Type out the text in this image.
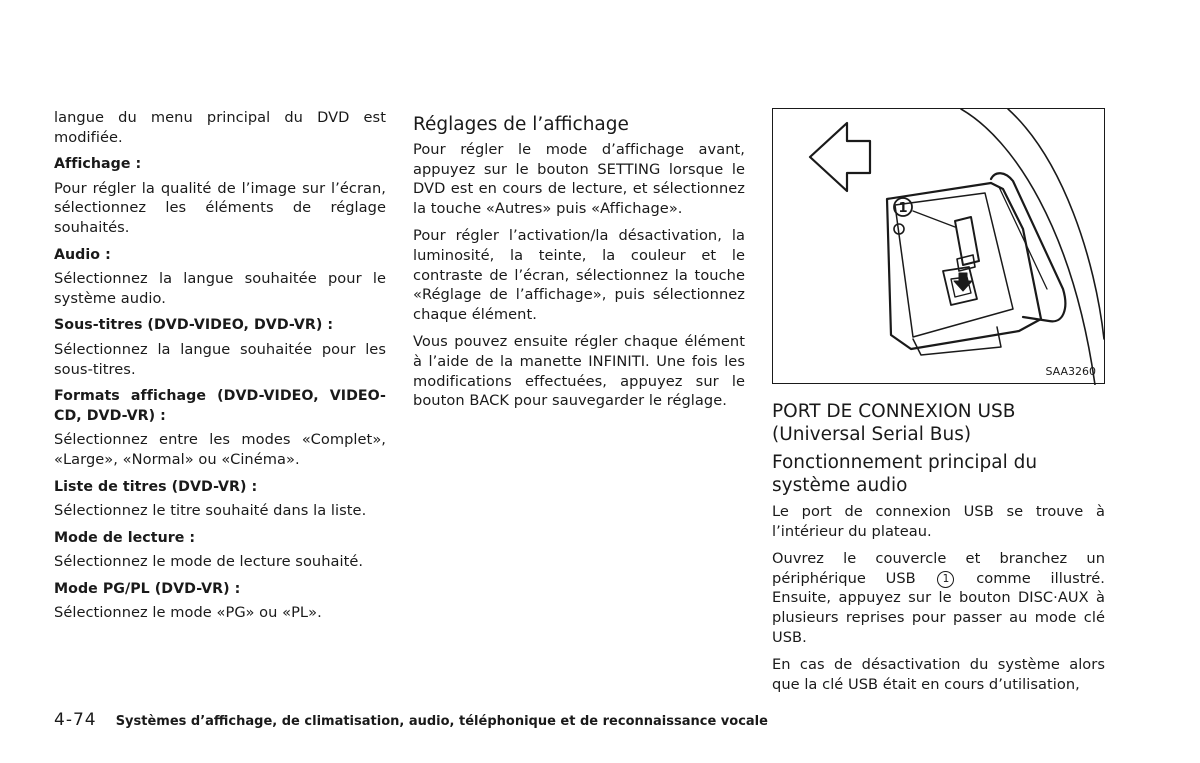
langue du menu principal du DVD est modifiée.

Affichage :

Pour régler la qualité de l’image sur l’écran, sélectionnez les éléments de réglage souhaités.

Audio :

Sélectionnez la langue souhaitée pour le système audio.

Sous-titres (DVD-VIDEO, DVD-VR) :

Sélectionnez la langue souhaitée pour les sous-titres.

Formats affichage (DVD-VIDEO, VIDEO-CD, DVD-VR) :

Sélectionnez entre les modes «Complet», «Large», «Normal» ou «Cinéma».

Liste de titres (DVD-VR) :

Sélectionnez le titre souhaité dans la liste.

Mode de lecture :

Sélectionnez le mode de lecture souhaité.

Mode PG/PL (DVD-VR) :

Sélectionnez le mode «PG» ou «PL».

Réglages de l’affichage

Pour régler le mode d’affichage avant, appuyez sur le bouton SETTING lorsque le DVD est en cours de lecture, et sélectionnez la touche «Autres» puis «Affichage».

Pour régler l’activation/la désactivation, la luminosité, la teinte, la couleur et le contraste de l’écran, sélectionnez la touche «Réglage de l’affichage», puis sélectionnez chaque élément.

Vous pouvez ensuite régler chaque élément à l’aide de la manette INFINITI. Une fois les modifications effectuées, appuyez sur le bouton BACK pour sauvegarder le réglage.

1
SAA3260
PORT DE CONNEXION USB (Universal Serial Bus)
Fonctionnement principal du système audio

Le port de connexion USB se trouve à l’intérieur du plateau.

Ouvrez le couvercle et branchez un périphérique USB	1 comme illustré. Ensuite, appuyez sur le bouton DISC·AUX à plusieurs reprises pour passer au mode clé USB.

En cas de désactivation du système alors que la clé USB était en cours d’utilisation,

4-74 Systèmes d’affichage, de climatisation, audio, téléphonique et de reconnaissance vocale
